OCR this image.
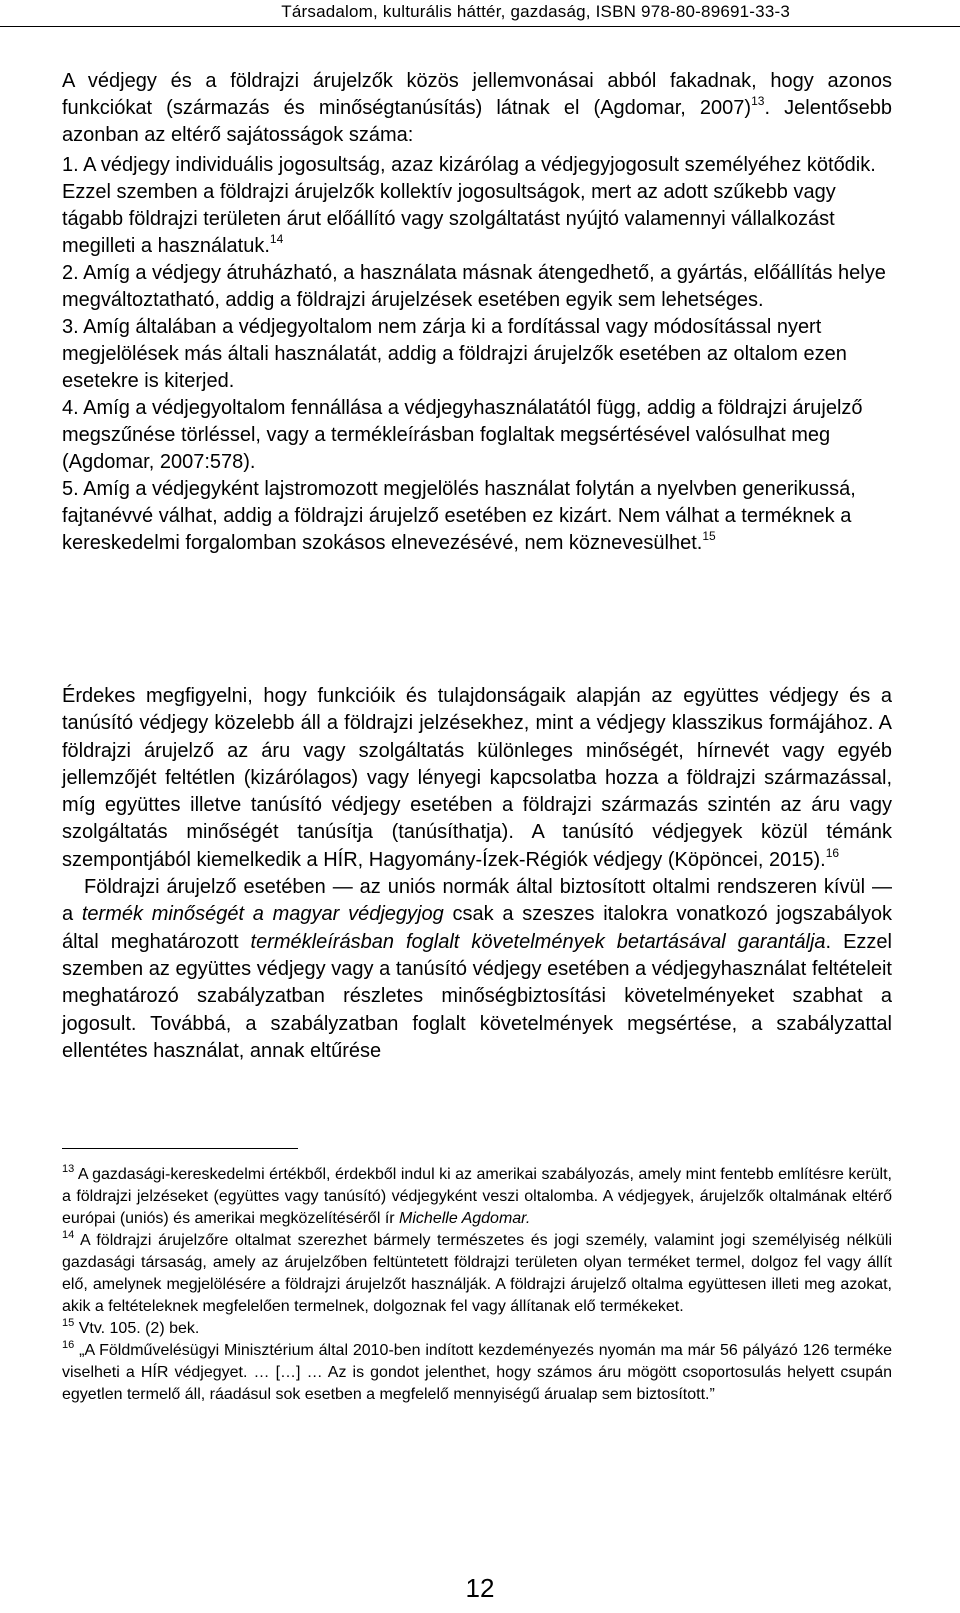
Társadalom, kulturális háttér, gazdaság, ISBN 978-80-89691-33-3

A védjegy és a földrajzi árujelzők közös jellemvonásai abból fakadnak, hogy azonos funkciókat (származás és minőségtanúsítás) látnak el (Agdomar, 2007)$^{13}$. Jelentősebb azonban az eltérő sajátosságok száma:

1. A védjegy individuális jogosultság, azaz kizárólag a védjegyjogosult személyéhez kötődik. Ezzel szemben a földrajzi árujelzők kollektív jogosultságok, mert az adott szűkebb vagy tágabb földrajzi területen árut előállító vagy szolgáltatást nyújtó valamennyi vállalkozást megilleti a használatuk.$^{14}$

2. Amíg a védjegy átruházható, a használata másnak átengedhető, a gyártás, előállítás helye megváltoztatható, addig a földrajzi árujelzések esetében egyik sem lehetséges.

3. Amíg általában a védjegyoltalom nem zárja ki a fordítással vagy módosítással nyert megjelölések más általi használatát, addig a földrajzi árujelzők esetében az oltalom ezen esetekre is kiterjed.

4. Amíg a védjegyoltalom fennállása a védjegyhasználatától függ, addig a földrajzi árujelző megszűnése törléssel, vagy a termékleírásban foglaltak megsértésével valósulhat meg (Agdomar, 2007:578).

5. Amíg a védjegyként lajstromozott megjelölés használat folytán a nyelvben generikussá, fajtanévvé válhat, addig a földrajzi árujelző esetében ez kizárt. Nem válhat a terméknek a kereskedelmi forgalomban szokásos elnevezésévé, nem köznevesülhet.$^{15}$

Érdekes megfigyelni, hogy funkcióik és tulajdonságaik alapján az együttes védjegy és a tanúsító védjegy közelebb áll a földrajzi jelzésekhez, mint a védjegy klasszikus formájához. A földrajzi árujelző az áru vagy szolgáltatás különleges minőségét, hírnevét vagy egyéb jellemzőjét feltétlen (kizárólagos) vagy lényegi kapcsolatba hozza a földrajzi származással, míg együttes illetve tanúsító védjegy esetében a földrajzi származás szintén az áru vagy szolgáltatás minőségét tanúsítja (tanúsíthatja). A tanúsító védjegyek közül témánk szempontjából kiemelkedik a HÍR, Hagyomány-Ízek-Régiók védjegy (Köpöncei, 2015).$^{16}$

Földrajzi árujelző esetében — az uniós normák által biztosított oltalmi rendszeren kívül — a termék minőségét a magyar védjegyjog csak a szeszes italokra vonatkozó jogszabályok által meghatározott termékleírásban foglalt követelmények betartásával garantálja. Ezzel szemben az együttes védjegy vagy a tanúsító védjegy esetében a védjegyhasználat feltételeit meghatározó szabályzatban részletes minőségbiztosítási követelményeket szabhat a jogosult. Továbbá, a szabályzatban foglalt követelmények megsértése, a szabályzattal ellentétes használat, annak eltűrése

$^{13}$ A gazdasági-kereskedelmi értékből, érdekből indul ki az amerikai szabályozás, amely mint fentebb említésre került, a földrajzi jelzéseket (együttes vagy tanúsító) védjegyként veszi oltalomba. A védjegyek, árujelzők oltalmának eltérő európai (uniós) és amerikai megközelítéséről ír Michelle Agdomar.

$^{14}$ A földrajzi árujelzőre oltalmat szerezhet bármely természetes és jogi személy, valamint jogi személyiség nélküli gazdasági társaság, amely az árujelzőben feltüntetett földrajzi területen olyan terméket termel, dolgoz fel vagy állít elő, amelynek megjelölésére a földrajzi árujelzőt használják. A földrajzi árujelző oltalma együttesen illeti meg azokat, akik a feltételeknek megfelelően termelnek, dolgoznak fel vagy állítanak elő termékeket.

$^{15}$ Vtv. 105. (2) bek.

$^{16}$ „A Földművelésügyi Minisztérium által 2010-ben indított kezdeményezés nyomán ma már 56 pályázó 126 terméke viselheti a HÍR védjegyet. … […] … Az is gondot jelenthet, hogy számos áru mögött csoportosulás helyett csupán egyetlen termelő áll, ráadásul sok esetben a megfelelő mennyiségű árualap sem biztosított.”

12
